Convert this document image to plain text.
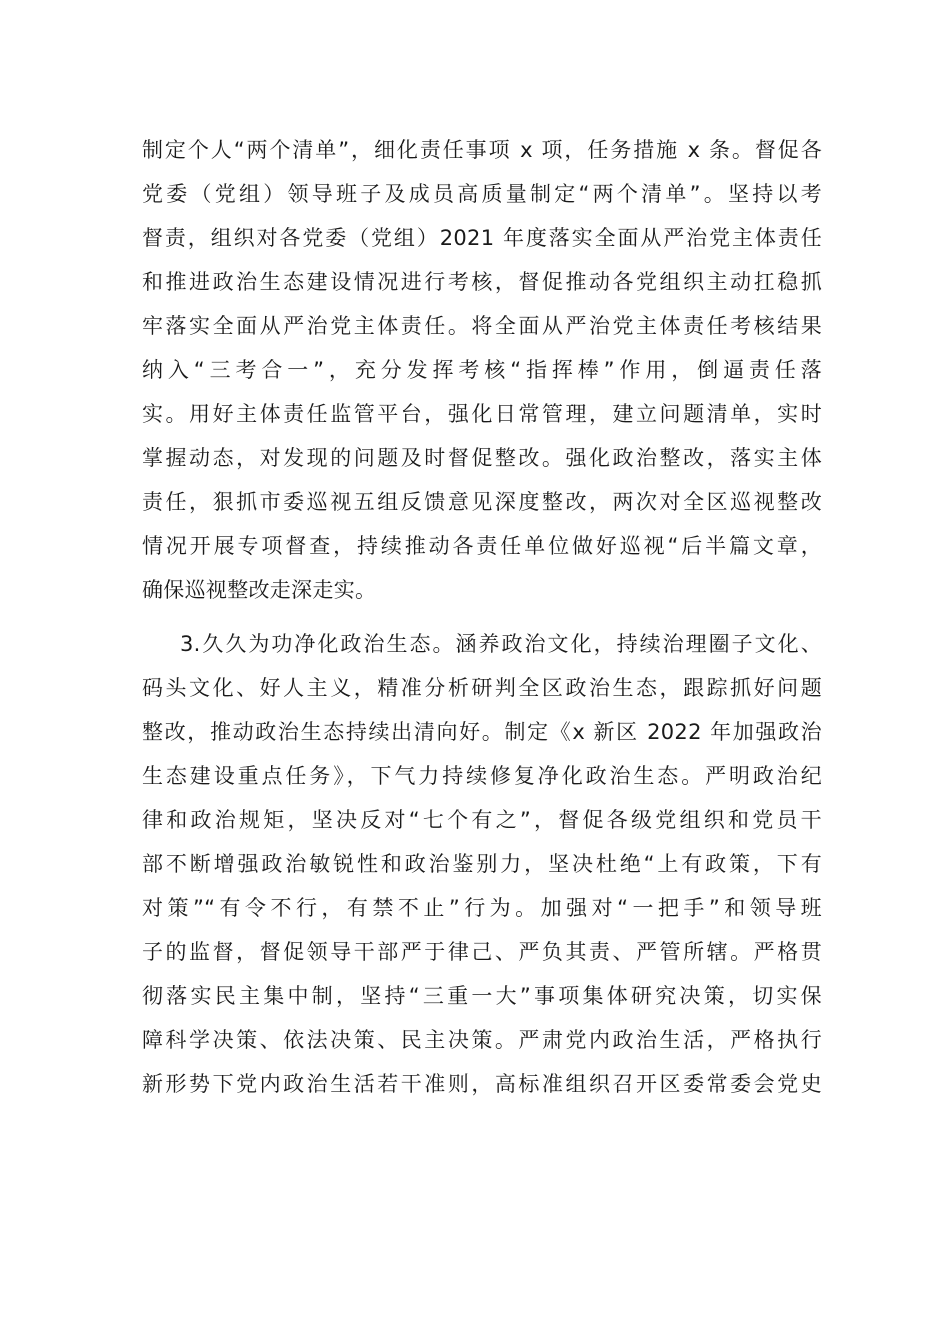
制定个人“两个清单”，细化责任事项 x 项，任务措施 x 条。督促各
党委（党组）领导班子及成员高质量制定“两个清单”。坚持以考
督责，组织对各党委（党组）2021 年度落实全面从严治党主体责任
和推进政治生态建设情况进行考核，督促推动各党组织主动扛稳抓
牢落实全面从严治党主体责任。将全面从严治党主体责任考核结果
纳入“三考合一”，充分发挥考核“指挥棒”作用，倒逼责任落
实。用好主体责任监管平台，强化日常管理，建立问题清单，实时
掌握动态，对发现的问题及时督促整改。强化政治整改，落实主体
责任，狠抓市委巡视五组反馈意见深度整改，两次对全区巡视整改
情况开展专项督查，持续推动各责任单位做好巡视“后半篇文章，
确保巡视整改走深走实。
3.久久为功净化政治生态。涵养政治文化，持续治理圈子文化、
码头文化、好人主义，精准分析研判全区政治生态，跟踪抓好问题
整改，推动政治生态持续出清向好。制定《x 新区 2022 年加强政治
生态建设重点任务》，下气力持续修复净化政治生态。严明政治纪
律和政治规矩，坚决反对“七个有之”，督促各级党组织和党员干
部不断增强政治敏锐性和政治鉴别力，坚决杜绝“上有政策，下有
对策”“有令不行，有禁不止”行为。加强对“一把手”和领导班
子的监督，督促领导干部严于律己、严负其责、严管所辖。严格贯
彻落实民主集中制，坚持“三重一大”事项集体研究决策，切实保
障科学决策、依法决策、民主决策。严肃党内政治生活，严格执行
新形势下党内政治生活若干准则，高标准组织召开区委常委会党史
